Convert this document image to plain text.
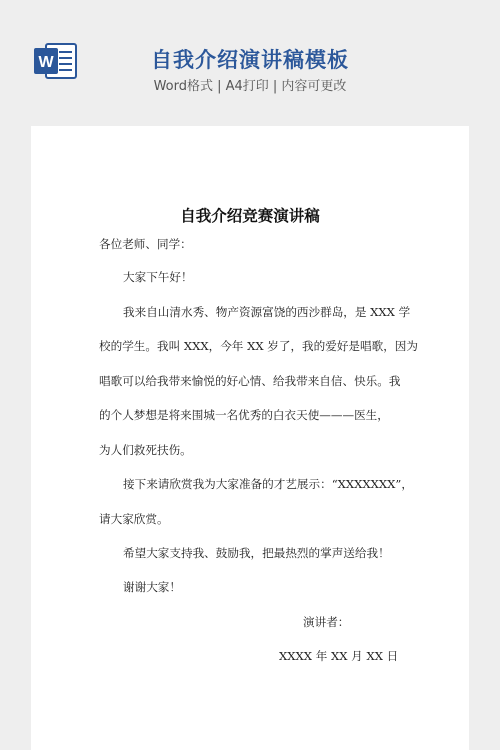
W	自我介绍演讲稿模板
Word格式 | A4打印 | 内容可更改
自我介绍竞赛演讲稿
各位老师、同学：
大家下午好！
我来自山清水秀、物产资源富饶的西沙群岛，是 XXX 学
校的学生。我叫 XXX，今年 XX 岁了，我的爱好是唱歌，因为
唱歌可以给我带来愉悦的好心情、给我带来自信、快乐。我
的个人梦想是将来围城一名优秀的白衣天使———医生，
为人们救死扶伤。
接下来请欣赏我为大家准备的才艺展示：“XXXXXXX”，
请大家欣赏。
希望大家支持我、鼓励我，把最热烈的掌声送给我！
谢谢大家！
演讲者：
XXXX 年 XX 月 XX 日
